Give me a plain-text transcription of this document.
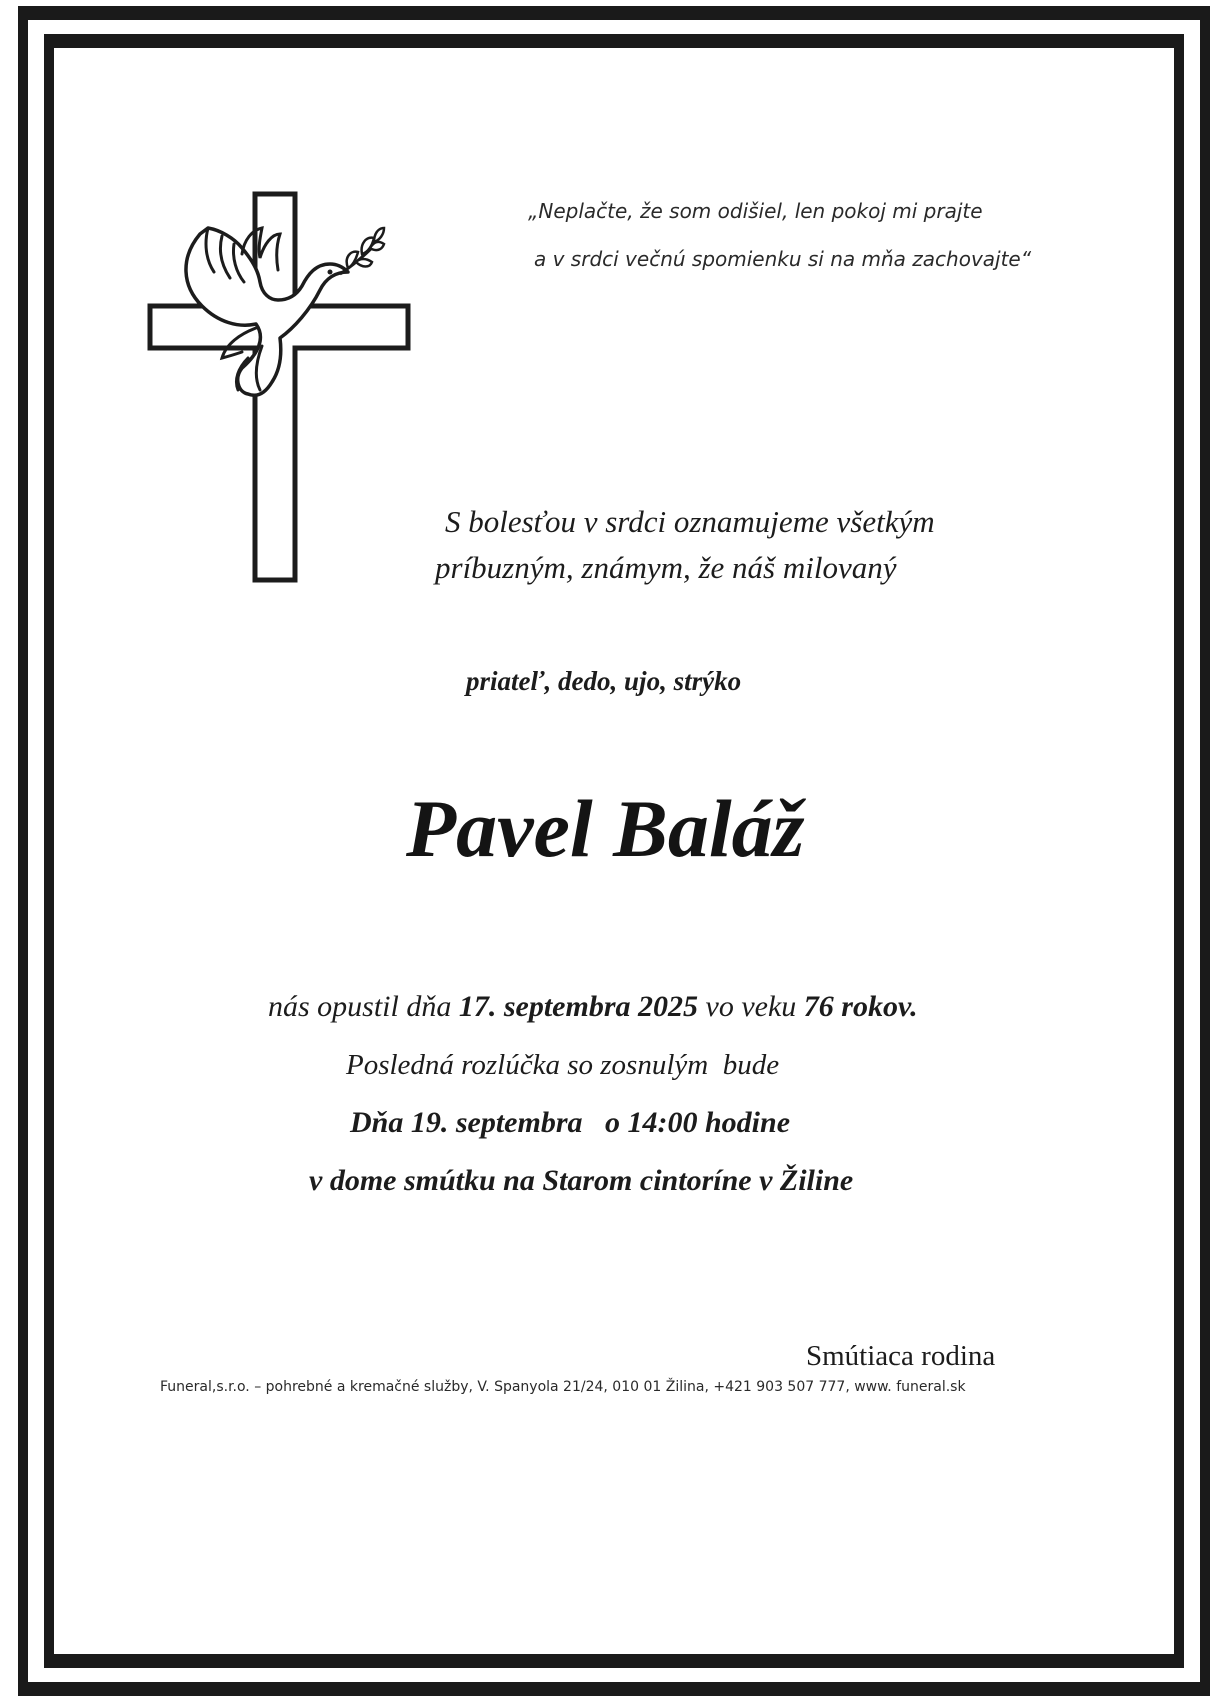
„Neplačte, že som odišiel, len pokoj mi prajte
a v srdci večnú spomienku si na mňa zachovajte“
S bolesťou v srdci oznamujeme všetkým
príbuzným, známym, že náš milovaný
priateľ, dedo, ujo, strýko
Pavel Baláž
nás opustil dňa 17. septembra 2025 vo veku 76 rokov.
Posledná rozlúčka so zosnulým  bude
Dňa 19. septembra   o 14:00 hodine
v dome smútku na Starom cintoríne v Žiline
Smútiaca rodina
Funeral,s.r.o. – pohrebné a kremačné služby, V. Spanyola 21/24, 010 01 Žilina, +421 903 507 777, www. funeral.sk
